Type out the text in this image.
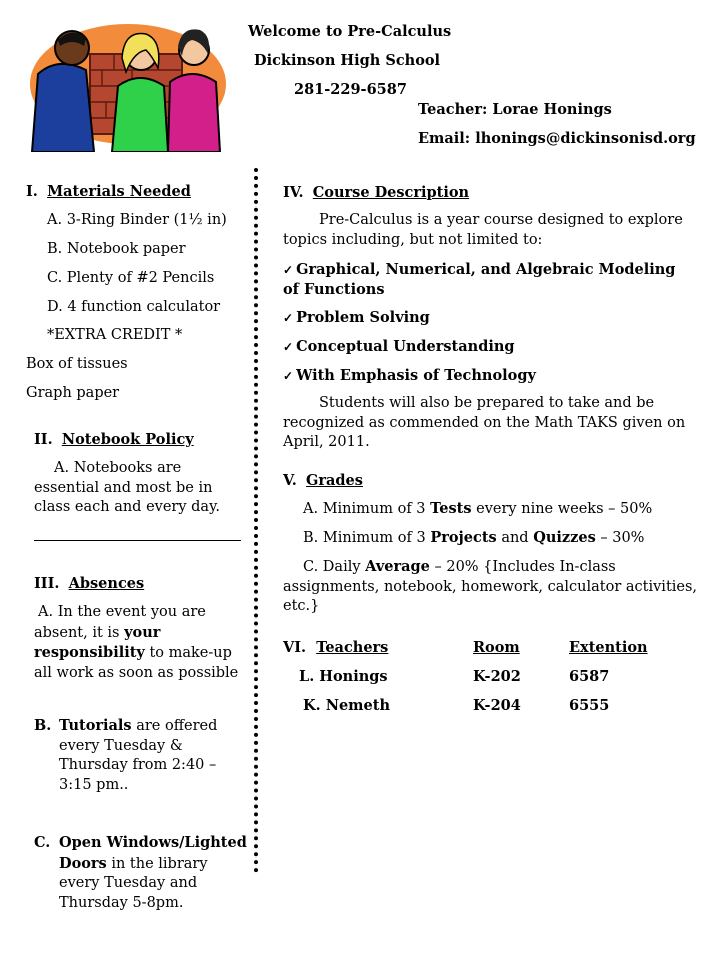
Welcome to Pre-Calculus
Dickinson High School
281-229-6587
Teacher: Lorae Honings
Email: lhonings@dickinsonisd.org
I. Materials Needed
A. 3-Ring Binder (1½ in)
B. Notebook paper
C. Plenty of #2 Pencils
D. 4 function calculator
*EXTRA CREDIT *
Box of tissues
Graph paper
II. Notebook Policy
A. Notebooks are essential and most be in class each and every day.
III. Absences
A. In the event you are absent, it is your responsibility to make-up all work as soon as possible
B. Tutorials are offered every Tuesday & Thursday from 2:40 – 3:15 pm..
C. Open Windows/Lighted Doors in the library every Tuesday and Thursday 5-8pm.
IV. Course Description
Pre-Calculus is a year course designed to explore topics including, but not limited to:
✓ Graphical, Numerical, and Algebraic Modeling of Functions
✓ Problem Solving
✓ Conceptual Understanding
✓ With Emphasis of Technology
Students will also be prepared to take and be recognized as commended on the Math TAKS given on April, 2011.
V. Grades
A. Minimum of 3 Tests every nine weeks – 50%
B. Minimum of 3 Projects and Quizzes – 30%
C. Daily Average – 20% {Includes In-class assignments, notebook, homework, calculator activities, etc.}
VI. Teachers	Room	Extention
L. Honings	K-202	6587
K. Nemeth	K-204	6555
